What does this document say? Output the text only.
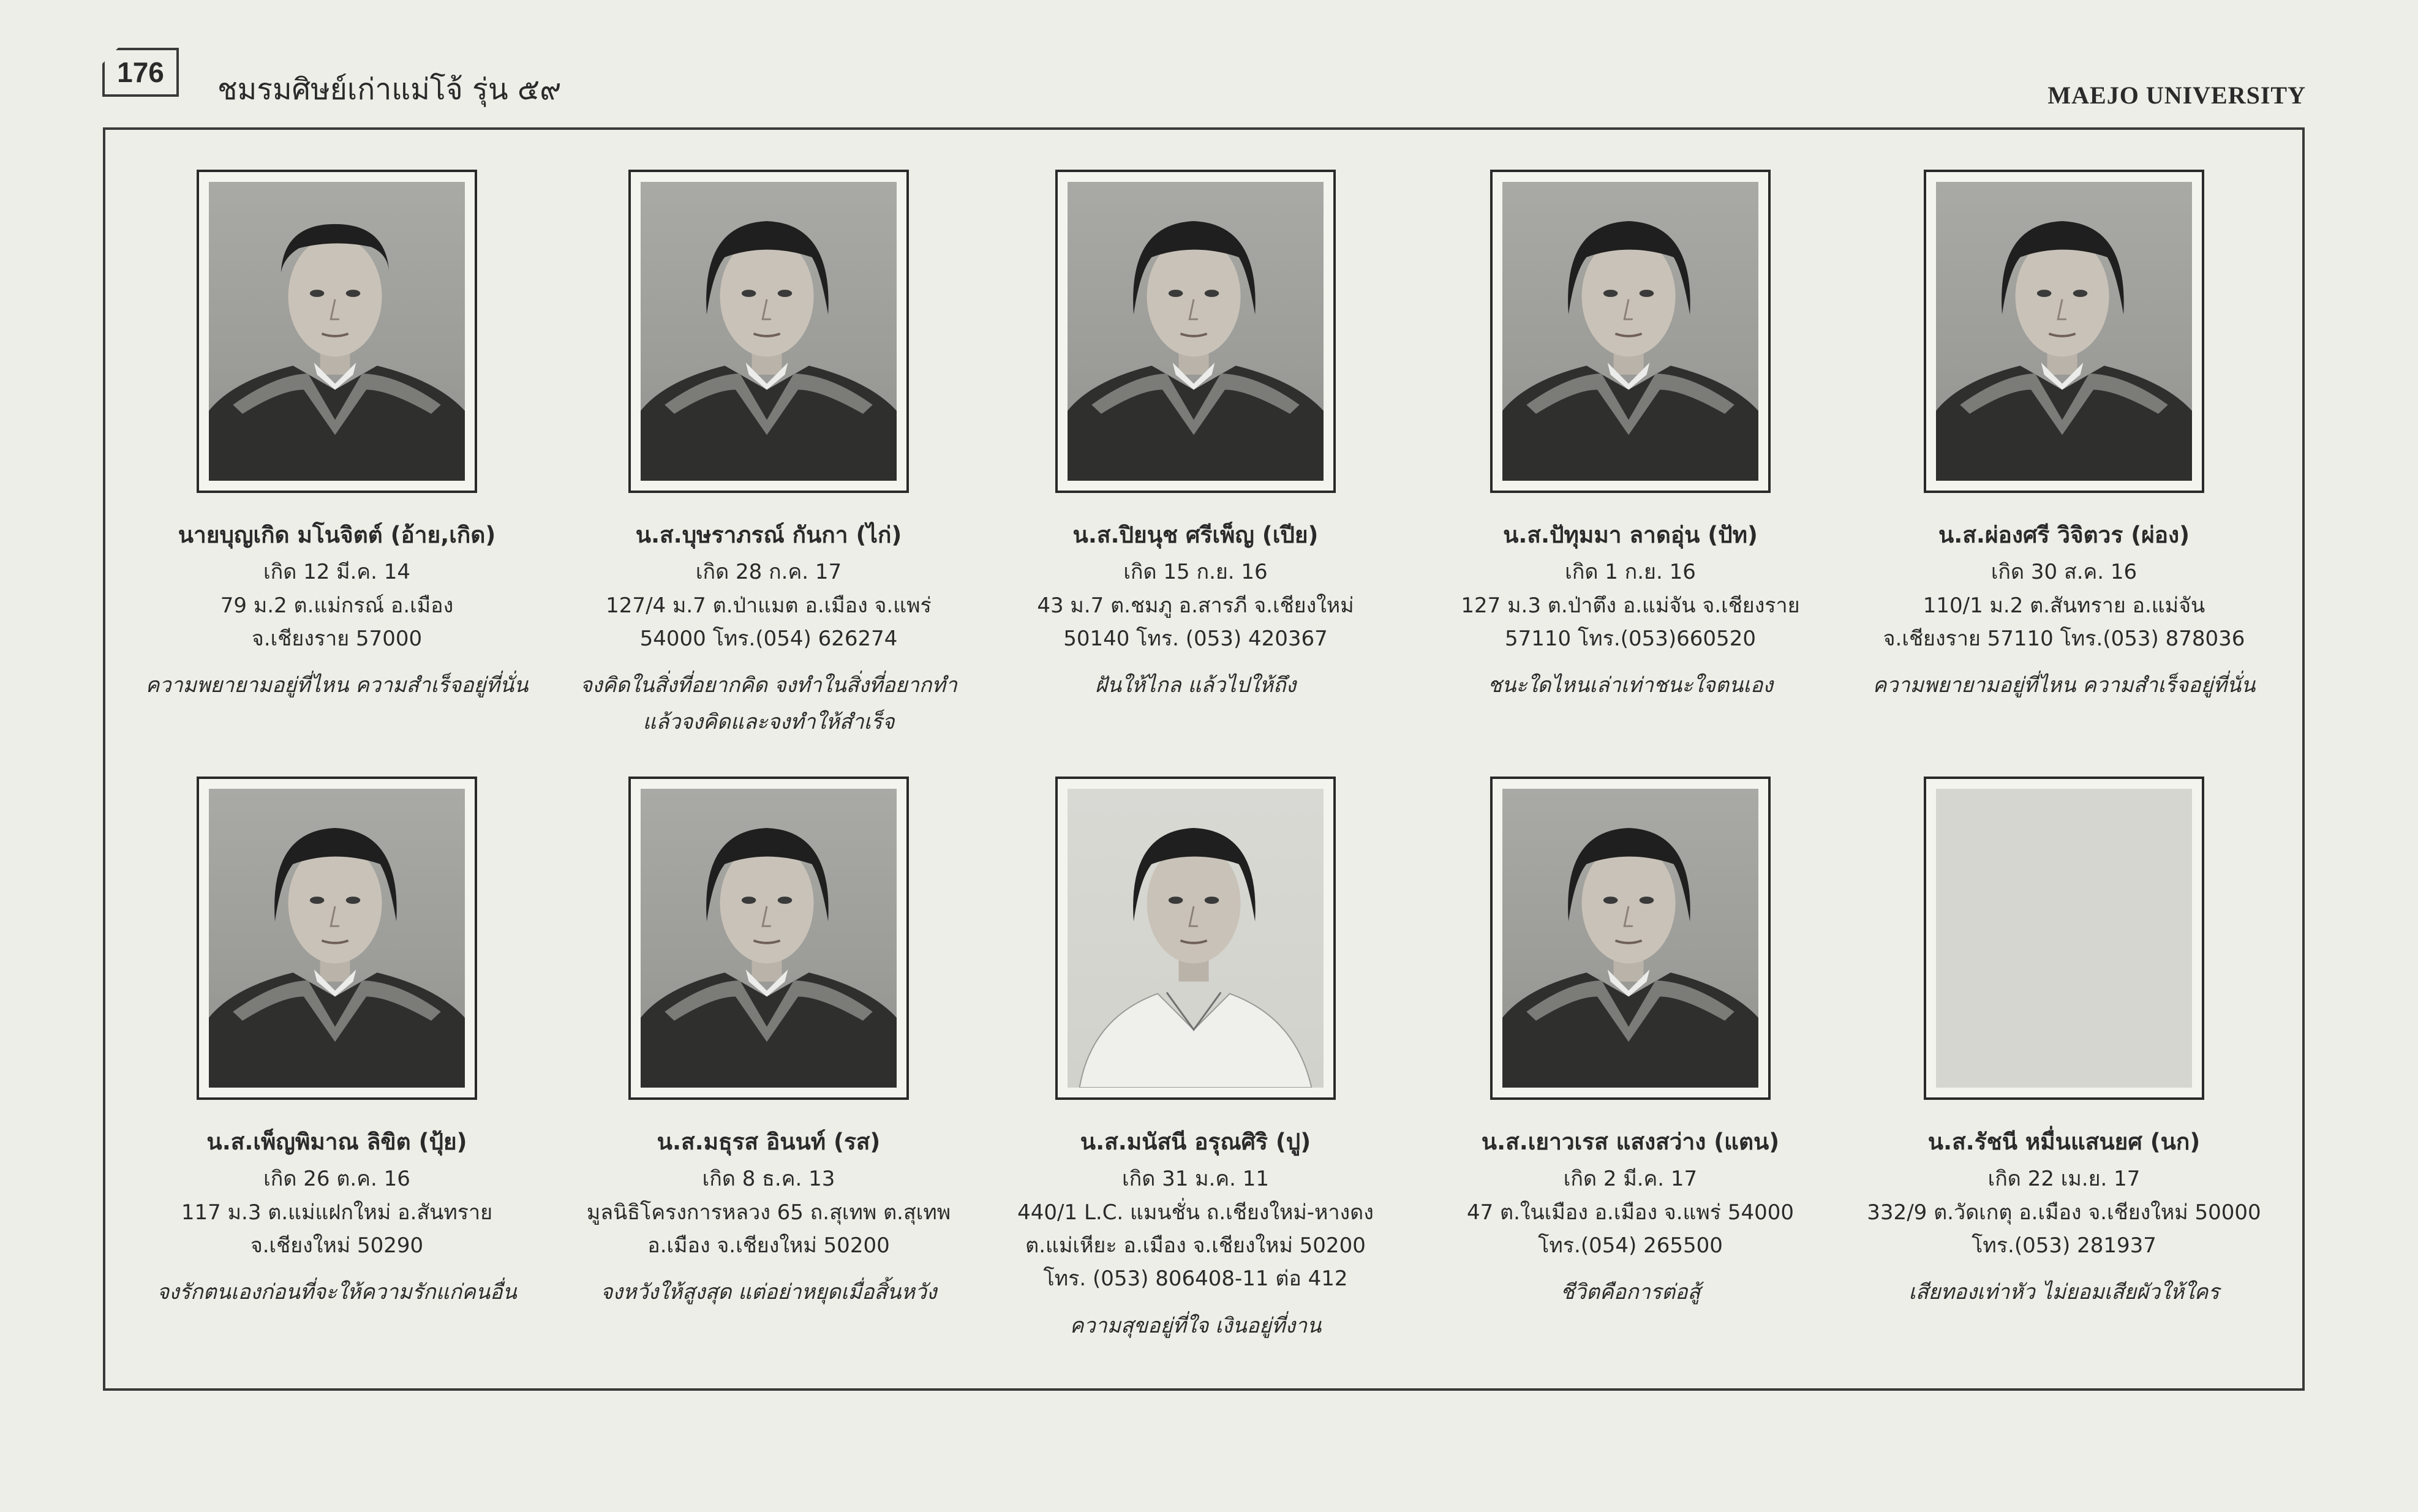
176	ชมรมศิษย์เก่าแม่โจ้ รุ่น ๕๙	MAEJO UNIVERSITY
นายบุญเกิด มโนจิตต์ (อ้าย,เกิด)
เกิด 12 มี.ค. 14
79 ม.2 ต.แม่กรณ์ อ.เมือง
จ.เชียงราย 57000
ความพยายามอยู่ที่ไหน ความสำเร็จอยู่ที่นั่น
น.ส.บุษราภรณ์ กันกา (ไก่)
เกิด 28 ก.ค. 17
127/4 ม.7 ต.ป่าแมต อ.เมือง จ.แพร่
54000 โทร.(054) 626274
จงคิดในสิ่งที่อยากคิด จงทำในสิ่งที่อยากทำ
แล้วจงคิดและจงทำให้สำเร็จ
น.ส.ปิยนุช ศรีเพ็ญ (เปีย)
เกิด 15 ก.ย. 16
43 ม.7 ต.ชมภู อ.สารภี จ.เชียงใหม่
50140 โทร. (053) 420367
ฝันให้ไกล แล้วไปให้ถึง
น.ส.ปัทุมมา ลาดอุ่น (ปัท)
เกิด 1 ก.ย. 16
127 ม.3 ต.ป่าตึง อ.แม่จัน จ.เชียงราย
57110 โทร.(053)660520
ชนะใดไหนเล่าเท่าชนะใจตนเอง
น.ส.ผ่องศรี วิจิตวร (ผ่อง)
เกิด 30 ส.ค. 16
110/1 ม.2 ต.สันทราย อ.แม่จัน
จ.เชียงราย 57110 โทร.(053) 878036
ความพยายามอยู่ที่ไหน ความสำเร็จอยู่ที่นั่น
น.ส.เพ็ญพิมาณ ลิขิต (ปุ้ย)
เกิด 26 ต.ค. 16
117 ม.3 ต.แม่แฝกใหม่ อ.สันทราย
จ.เชียงใหม่ 50290
จงรักตนเองก่อนที่จะให้ความรักแก่คนอื่น
น.ส.มธุรส อินนท์ (รส)
เกิด 8 ธ.ค. 13
มูลนิธิโครงการหลวง 65 ถ.สุเทพ ต.สุเทพ
อ.เมือง จ.เชียงใหม่ 50200
จงหวังให้สูงสุด แต่อย่าหยุดเมื่อสิ้นหวัง
น.ส.มนัสนี อรุณศิริ (ปู)
เกิด 31 ม.ค. 11
440/1 L.C. แมนชั่น ถ.เชียงใหม่-หางดง
ต.แม่เหียะ อ.เมือง จ.เชียงใหม่ 50200
โทร. (053) 806408-11 ต่อ 412
ความสุขอยู่ที่ใจ เงินอยู่ที่งาน
น.ส.เยาวเรส แสงสว่าง (แตน)
เกิด 2 มี.ค. 17
47 ต.ในเมือง อ.เมือง จ.แพร่ 54000
โทร.(054) 265500
ชีวิตคือการต่อสู้
น.ส.รัชนี หมื่นแสนยศ (นก)
เกิด 22 เม.ย. 17
332/9 ต.วัดเกตุ อ.เมือง จ.เชียงใหม่ 50000
โทร.(053) 281937
เสียทองเท่าหัว ไม่ยอมเสียผัวให้ใคร
